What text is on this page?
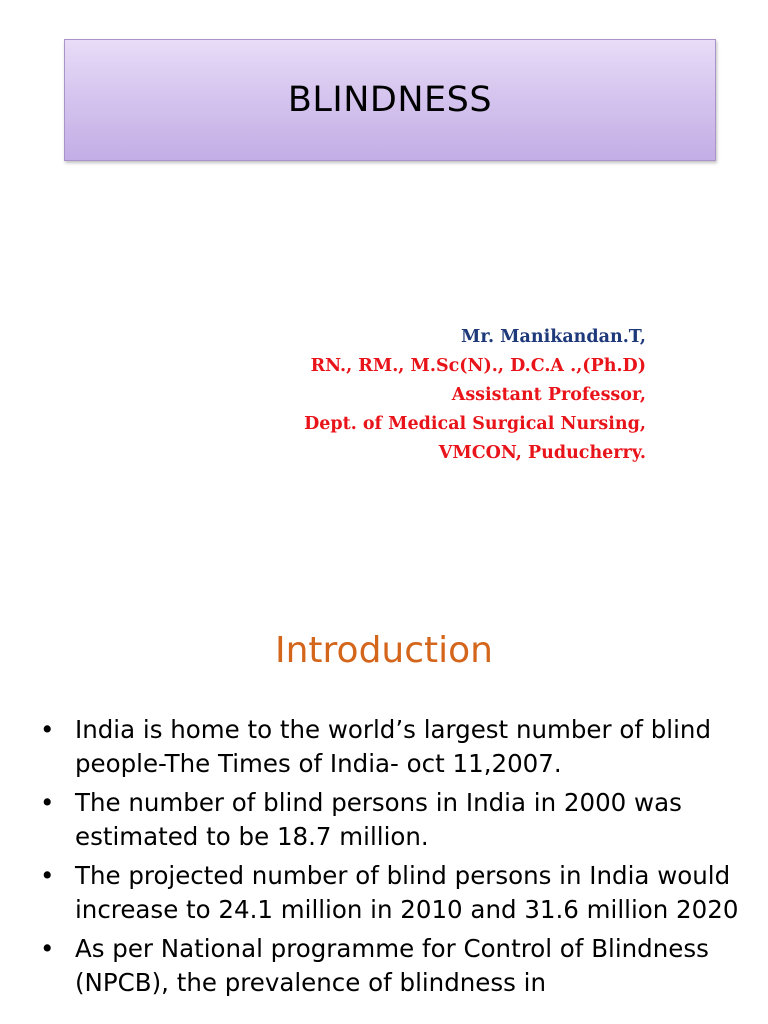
BLINDNESS
Mr. Manikandan.T,
RN., RM., M.Sc(N)., D.C.A .,(Ph.D)
Assistant Professor,
Dept. of Medical Surgical Nursing,
VMCON, Puducherry.
Introduction
• India is home to the world’s largest number of blind people-The Times of India- oct 11,2007.
• The number of blind persons in India in 2000 was estimated to be 18.7 million.
• The projected number of blind persons in India would increase to 24.1 million in 2010 and 31.6 million 2020
• As per National programme for Control of Blindness (NPCB), the prevalence of blindness in
